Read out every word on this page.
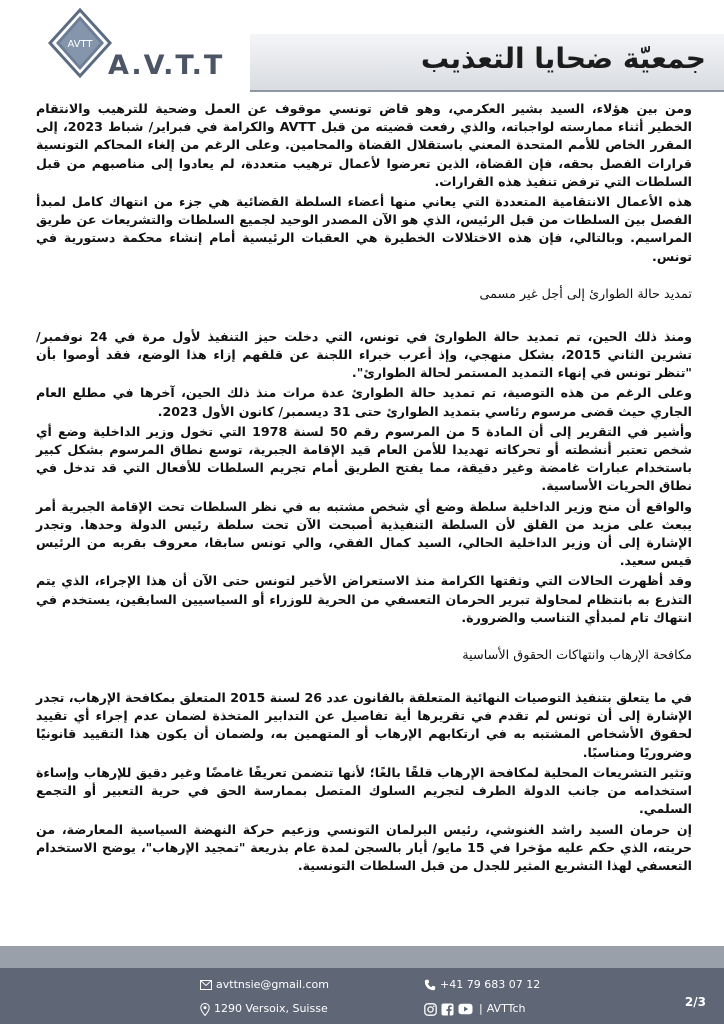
جمعيّة ضحايا التعذيب
AVTT
A.V.T.T

ومن بين هؤلاء، السيد بشير العكرمي، وهو قاض تونسي موقوف عن العمل وضحية للترهيب والانتقام الخطير أثناء ممارسته لواجباته، والذي رفعت قضيته من قبل AVTT والكرامة في فبراير/ شباط 2023، إلى المقرر الخاص للأمم المتحدة المعني باستقلال القضاة والمحامين. وعلى الرغم من إلغاء المحاكم التونسية قرارات الفصل بحقه، فإن القضاة، الذين تعرضوا لأعمال ترهيب متعددة، لم يعادوا إلى مناصبهم من قبل السلطات التي ترفض تنفيذ هذه القرارات.

هذه الأعمال الانتقامية المتعددة التي يعاني منها أعضاء السلطة القضائية هي جزء من انتهاك كامل لمبدأ الفصل بين السلطات من قبل الرئيس، الذي هو الآن المصدر الوحيد لجميع السلطات والتشريعات عن طريق المراسيم. وبالتالي، فإن هذه الاختلالات الخطيرة هي العقبات الرئيسية أمام إنشاء محكمة دستورية في تونس.

تمديد حالة الطوارئ إلى أجل غير مسمى

ومنذ ذلك الحين، تم تمديد حالة الطوارئ في تونس، التي دخلت حيز التنفيذ لأول مرة في 24 نوفمبر/ تشرين الثاني 2015، بشكل منهجي، وإذ أعرب خبراء اللجنة عن قلقهم إزاء هذا الوضع، فقد أوصوا بأن "تنظر تونس في إنهاء التمديد المستمر لحالة الطوارئ".

وعلى الرغم من هذه التوصية، تم تمديد حالة الطوارئ عدة مرات منذ ذلك الحين، آخرها في مطلع العام الجاري حيث قضى مرسوم رئاسي بتمديد الطوارئ حتى 31 ديسمبر/ كانون الأول 2023.

وأشير في التقرير إلى أن المادة 5 من المرسوم رقم 50 لسنة 1978 التي تخول وزير الداخلية وضع أي شخص تعتبر أنشطته أو تحركاته تهديدا للأمن العام قيد الإقامة الجبرية، توسع نطاق المرسوم بشكل كبير باستخدام عبارات غامضة وغير دقيقة، مما يفتح الطريق أمام تجريم السلطات للأفعال التي قد تدخل في نطاق الحريات الأساسية.

والواقع أن منح وزير الداخلية سلطة وضع أي شخص مشتبه به في نظر السلطات تحت الإقامة الجبرية أمر يبعث على مزيد من القلق لأن السلطة التنفيذية أصبحت الآن تحت سلطة رئيس الدولة وحدها. وتجدر الإشارة إلى أن وزير الداخلية الحالي، السيد كمال الفقي، والي تونس سابقا، معروف بقربه من الرئيس قيس سعيد.

وقد أظهرت الحالات التي وثقتها الكرامة منذ الاستعراض الأخير لتونس حتى الآن أن هذا الإجراء، الذي يتم التذرع به بانتظام لمحاولة تبرير الحرمان التعسفي من الحرية للوزراء أو السياسيين السابقين، يستخدم في انتهاك تام لمبدأي التناسب والضرورة.

مكافحة الإرهاب وانتهاكات الحقوق الأساسية

في ما يتعلق بتنفيذ التوصيات النهائية المتعلقة بالقانون عدد 26 لسنة 2015 المتعلق بمكافحة الإرهاب، تجدر الإشارة إلى أن تونس لم تقدم في تقريرها أية تفاصيل عن التدابير المتخذة لضمان عدم إجراء أي تقييد لحقوق الأشخاص المشتبه به في ارتكابهم الإرهاب أو المتهمين به، ولضمان أن يكون هذا التقييد قانونيًا وضروريًا ومناسبًا.

وتثير التشريعات المحلية لمكافحة الإرهاب قلقًا بالغًا؛ لأنها تتضمن تعريفًا غامضًا وغير دقيق للإرهاب وإساءة استخدامه من جانب الدولة الطرف لتجريم السلوك المتصل بممارسة الحق في حرية التعبير أو التجمع السلمي.

إن حرمان السيد راشد الغنوشي، رئيس البرلمان التونسي وزعيم حركة النهضة السياسية المعارضة، من حريته، الذي حكم عليه مؤخرا في 15 مايو/ أيار بالسجن لمدة عام بذريعة "تمجيد الإرهاب"، يوضح الاستخدام التعسفي لهذا التشريع المثير للجدل من قبل السلطات التونسية.

avttnsie@gmail.com
1290 Versoix, Suisse
+41 79 683 07 12
| AVTTch	2/3
